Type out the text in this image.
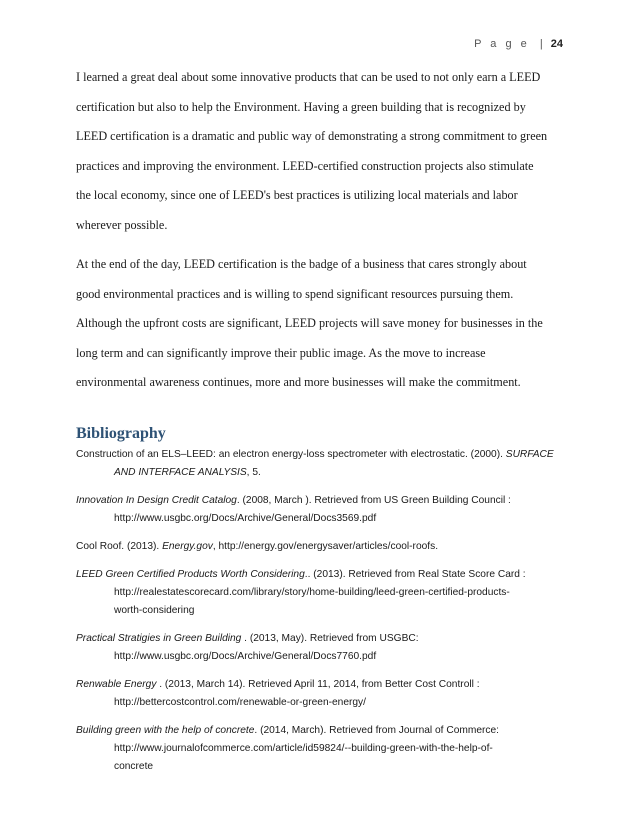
P a g e | 24
I learned a great deal about some innovative products that can be used to not only earn a LEED
certification but also to help the Environment. Having a green building that is recognized by
LEED certification is a dramatic and public way of demonstrating a strong commitment to green
practices and improving the environment. LEED-certified construction projects also stimulate
the local economy, since one of LEED's best practices is utilizing local materials and labor
wherever possible.
At the end of the day, LEED certification is the badge of a business that cares strongly about
good environmental practices and is willing to spend significant resources pursuing them.
Although the upfront costs are significant, LEED projects will save money for businesses in the
long term and can significantly improve their public image. As the move to increase
environmental awareness continues, more and more businesses will make the commitment.
Bibliography
Construction of an ELS–LEED: an electron energy-loss spectrometer with electrostatic. (2000). SURFACE
AND INTERFACE ANALYSIS, 5.
Innovation In Design Credit Catalog. (2008, March ). Retrieved from US Green Building Council :
http://www.usgbc.org/Docs/Archive/General/Docs3569.pdf
Cool Roof. (2013). Energy.gov, http://energy.gov/energysaver/articles/cool-roofs.
LEED Green Certified Products Worth Considering.. (2013). Retrieved from Real State Score Card :
http://realestatescorecard.com/library/story/home-building/leed-green-certified-products-
worth-considering
Practical Stratigies in Green Building . (2013, May). Retrieved from USGBC:
http://www.usgbc.org/Docs/Archive/General/Docs7760.pdf
Renwable Energy . (2013, March 14). Retrieved April 11, 2014, from Better Cost Controll :
http://bettercostcontrol.com/renewable-or-green-energy/
Building green with the help of concrete. (2014, March). Retrieved from Journal of Commerce:
http://www.journalofcommerce.com/article/id59824/--building-green-with-the-help-of-
concrete
